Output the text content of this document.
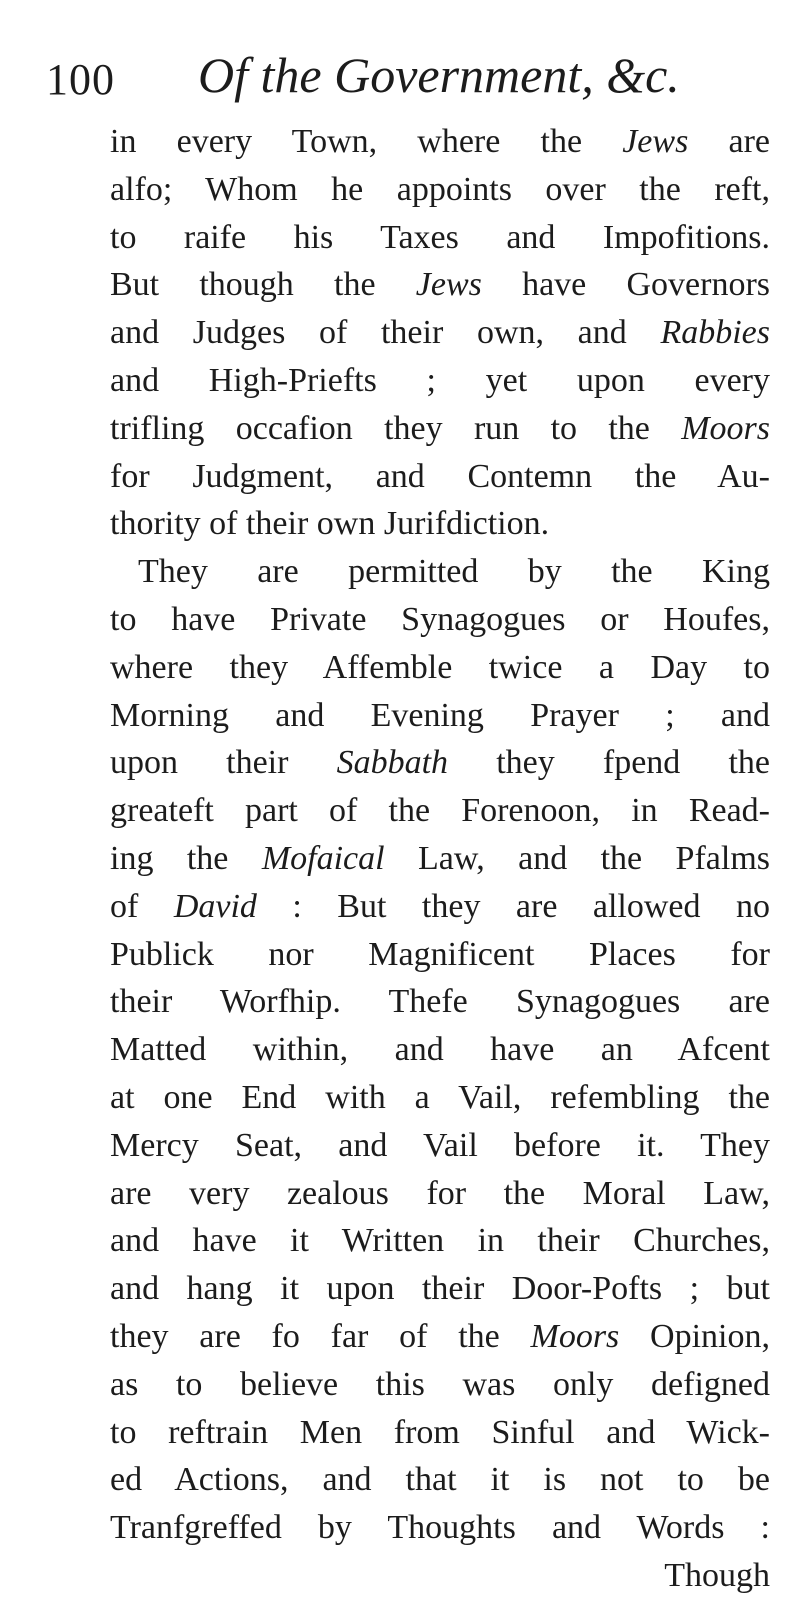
100 Of the Government, &c.
in every Town, where the Jews are
alfo; Whom he appoints over the reft,
to raife his Taxes and Impofitions.
But though the Jews have Governors
and Judges of their own, and Rabbies
and High-Priefts ; yet upon every
trifling occafion they run to the Moors
for Judgment, and Contemn the Au-
thority of their own Jurifdiction.
They are permitted by the King
to have Private Synagogues or Houfes,
where they Affemble twice a Day to
Morning and Evening Prayer ; and
upon their Sabbath they fpend the
greateft part of the Forenoon, in Read-
ing the Mofaical Law, and the Pfalms
of David : But they are allowed no
Publick nor Magnificent Places for
their Worfhip. Thefe Synagogues are
Matted within, and have an Afcent
at one End with a Vail, refembling the
Mercy Seat, and Vail before it. They
are very zealous for the Moral Law,
and have it Written in their Churches,
and hang it upon their Door-Pofts ; but
they are fo far of the Moors Opinion,
as to believe this was only defigned
to reftrain Men from Sinful and Wick-
ed Actions, and that it is not to be
Tranfgreffed by Thoughts and Words :
Though
